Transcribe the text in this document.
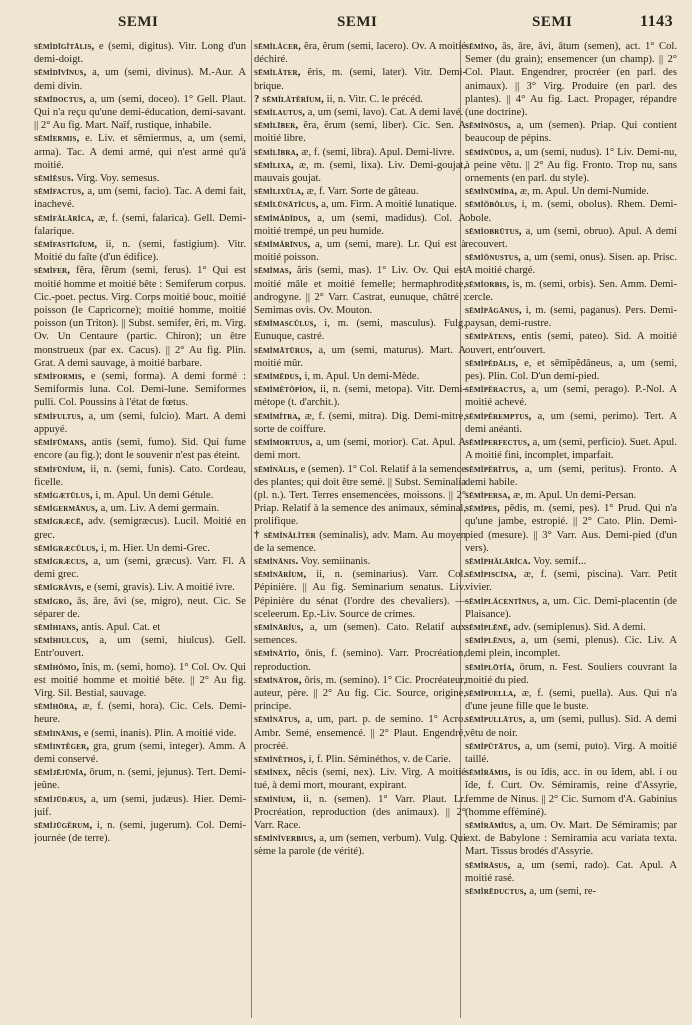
SEMI	SEMI	SEMI	1143

sēmĭdīgĭtālis, e (semi, digitus). Vitr. Long d'un demi-doigt.

sēmĭdīvīnus, a, um (semi, divinus). M.-Aur. A demi divin.

sēmĭdoctus, a, um (semi, doceo). 1° Gell. Plaut. Qui n'a reçu qu'une demi-éducation, demi-savant. || 2° Au fig. Mart. Naïf, rustique, inhabile.

sēmĭermis, e. Liv. et sēmiermus, a, um (semi, arma). Tac. A demi armé, qui n'est armé qu'à moitié.

sēmĭēsus. Virg. Voy. semesus.

sēmĭfactus, a, um (semi, facio). Tac. A demi fait, inachevé.

sēmĭfălārĭca, æ, f. (semi, falarica). Gell. Demi-falarique.

sēmĭfastīgĭum, ii, n. (semi, fastigium). Vitr. Moitié du faîte (d'un édifice).

sēmĭfer, fĕra, fĕrum (semi, ferus). 1° Qui est moitié homme et moitié bête : Semiferum corpus. Cic.-poet. pectus. Virg. Corps moitié bouc, moitié poisson (le Capricorne); moitié homme, moitié poisson (un Triton). || Subst. semifer, ĕri, m. Virg. Ov. Un Centaure (partic. Chiron); un être monstrueux (par ex. Cacus). || 2° Au fig. Plin. Grat. A demi sauvage, à moitié barbare.

sēmĭformis, e (semi, forma). A demi formé : Semiformis luna. Col. Demi-lune. Semiformes pulli. Col. Poussins à l'état de fœtus.

sēmĭfultus, a, um (semi, fulcio). Mart. A demi appuyé.

sēmĭfūmans, antis (semi, fumo). Sid. Qui fume encore (au fig.); dont le souvenir n'est pas éteint.

sēmĭfūnĭum, ii, n. (semi, funis). Cato. Cordeau, ficelle.

sēmĭgætūlus, i, m. Apul. Un demi Gétule.

sēmĭgermānus, a, um. Liv. A demi germain.

sēmĭgræcē, adv. (semigræcus). Lucil. Moitié en grec.

sēmĭgræcŭlus, i, m. Hier. Un demi-Grec.

sēmĭgræcus, a, um (semi, græcus). Varr. Fl. A demi grec.

sēmĭgrăvis, e (semi, gravis). Liv. A moitié ivre.

sēmĭgro, ās, āre, āvi (se, migro), neut. Cic. Se séparer de.

sēmĭhians, antis. Apul. Cat. et

sēmĭhiulcus, a, um (semi, hiulcus). Gell. Entr'ouvert.

sēmĭhŏmo, ĭnis, m. (semi, homo). 1° Col. Ov. Qui est moitié homme et moitié bête. || 2° Au fig. Virg. Sil. Bestial, sauvage.

sēmĭhōra, æ, f. (semi, hora). Cic. Cels. Demi-heure.

sēmĭinānis, e (semi, inanis). Plin. A moitié vide.

sēmĭintĕger, gra, grum (semi, integer). Amm. A demi conservé.

sēmĭjējūnĭa, ōrum, n. (semi, jejunus). Tert. Demi-jeûne.

sēmĭjūdæus, a, um (semi, judæus). Hier. Demi-juif.

sēmĭjūgĕrum, i, n. (semi, jugerum). Col. Demi-journée (de terre).

sēmĭlăcer, ĕra, ĕrum (semi, lacero). Ov. A moitié déchiré.

sēmĭlăter, ĕris, m. (semi, later). Vitr. Demi-brique.

? sēmĭlătĕrĭum, ii, n. Vitr. C. le précéd.

sēmĭlautus, a, um (semi, lavo). Cat. A demi lavé.

sēmĭlīber, ĕra, ĕrum (semi, liber). Cic. Sen. A moitié libre.

sēmĭlībra, æ, f. (semi, libra). Apul. Demi-livre.

sēmĭlixa, æ, m. (semi, lixa). Liv. Demi-goujat, mauvais goujat.

sēmĭlixŭla, æ, f. Varr. Sorte de gâteau.

sēmĭlūnātĭcus, a, um. Firm. A moitié lunatique.

sēmĭmădĭdus, a, um (semi, madidus). Col. A moitié trempé, un peu humide.

sēmĭmărīnus, a, um (semi, mare). Lr. Qui est à moitié poisson.

sēmĭmas, ăris (semi, mas). 1° Liv. Ov. Qui est moitié mâle et moitié femelle; hermaphrodite, androgyne. || 2° Varr. Castrat, eunuque, châtré : Semimas ovis. Ov. Mouton.

sēmĭmascŭlus, i, m. (semi, masculus). Fulg. Eunuque, castré.

sēmĭmātūrus, a, um (semi, maturus). Mart. A moitié mûr.

sēmĭmēdus, i, m. Apul. Un demi-Mède.

sēmĭmĕtŏpĭon, ii, n. (semi, metopa). Vitr. Demi-métope (t. d'archit.).

sēmĭmĭtra, æ, f. (semi, mitra). Dig. Demi-mitre, sorte de coiffure.

sēmĭmortuus, a, um (semi, morior). Cat. Apul. A demi mort.

sēmĭnălis, e (semen). 1° Col. Relatif à la semence des plantes; qui doit être semé. || Subst. Seminalia (pl. n.). Tert. Terres ensemencées, moissons. || 2° Priap. Relatif à la semence des animaux, séminal, prolifique.

† sēmĭnălĭter (seminalis), adv. Mam. Au moyen de la semence.

sēmĭnānis. Voy. semiinanis.

sēmĭnārĭum, ii, n. (seminarius). Varr. Col. Pépinière. || Au fig. Seminarium senatus. Liv. Pépinière du sénat (l'ordre des chevaliers). — sceleerum. Ep.-Liv. Source de crimes.

sēmĭnārĭus, a, um (semen). Cato. Relatif aux semences.

sēmĭnātĭo, ōnis, f. (semino). Varr. Procréation, reproduction.

sēmĭnātor, ōris, m. (semino). 1° Cic. Procréateur, auteur, père. || 2° Au fig. Cic. Source, origine, principe.

sēmĭnātus, a, um, part. p. de semino. 1° Acro. Ambr. Semé, ensemencé. || 2° Plaut. Engendré, procréé.

sēmĭnĕthos, i, f. Plin. Séminéthos, v. de Carie.

sēmĭnex, nĕcis (semi, nex). Liv. Virg. A moitié tué, à demi mort, mourant, expirant.

sēmĭnĭum, ii, n. (semen). 1° Varr. Plaut. Lr. Procréation, reproduction (des animaux). || 2° Varr. Race.

sēmĭnĭverbius, a, um (semen, verbum). Vulg. Qui sème la parole (de vérité).

sēmĭno, ās, āre, āvi, ātum (semen), act. 1° Col. Semer (du grain); ensemencer (un champ). || 2° Col. Plaut. Engendrer, procréer (en parl. des animaux). || 3° Virg. Produire (en parl. des plantes). || 4° Au fig. Lact. Propager, répandre (une doctrine).

sēmĭnōsus, a, um (semen). Priap. Qui contient beaucoup de pépins.

sēmĭnūdus, a, um (semi, nudus). 1° Liv. Demi-nu, à peine vêtu. || 2° Au fig. Fronto. Trop nu, sans ornements (en parl. du style).

sēmĭnūmĭda, æ, m. Apul. Un demi-Numide.

sēmĭŏbŏlus, i, m. (semi, obolus). Rhem. Demi-obole.

sēmĭobrūtus, a, um (semi, obruo). Apul. A demi recouvert.

sēmĭŏnustus, a, um (semi, onus). Sisen. ap. Prisc. A moitié chargé.

sēmĭorbis, is, m. (semi, orbis). Sen. Amm. Demi-cercle.

sēmĭpāgānus, i, m. (semi, paganus). Pers. Demi-paysan, demi-rustre.

sēmĭpătens, entis (semi, pateo). Sid. A moitié ouvert, entr'ouvert.

sēmĭpĕdālis, e, et sēmĭpĕdāneus, a, um (semi, pes). Plin. Col. D'un demi-pied.

sēmĭpĕractus, a, um (semi, perago). P.-Nol. A moitié achevé.

sēmĭpĕremptus, a, um (semi, perimo). Tert. A demi anéanti.

sēmĭperfectus, a, um (semi, perficio). Suet. Apul. A moitié fini, incomplet, imparfait.

sēmĭpĕrītus, a, um (semi, peritus). Fronto. A demi habile.

sēmĭpersa, æ, m. Apul. Un demi-Persan.

sēmĭpes, pĕdis, m. (semi, pes). 1° Prud. Qui n'a qu'une jambe, estropié. || 2° Cato. Plin. Demi-pied (mesure). || 3° Varr. Aus. Demi-pied (d'un vers).

sēmĭphălārĭca. Voy. semif...

sēmĭpiscīna, æ, f. (semi, piscina). Varr. Petit vivier.

sēmĭplăcentīnus, a, um. Cic. Demi-placentin (de Plaisance).

sēmĭplēnē, adv. (semiplenus). Sid. A demi.

sēmĭplēnus, a, um (semi, plenus). Cic. Liv. A demi plein, incomplet.

sēmĭplōtĭa, ōrum, n. Fest. Souliers couvrant la moitié du pied.

sēmĭpuella, æ, f. (semi, puella). Aus. Qui n'a d'une jeune fille que le buste.

sēmĭpullātus, a, um (semi, pullus). Sid. A demi vêtu de noir.

sēmĭpŭtātus, a, um (semi, puto). Virg. A moitié taillé.

sēmĭrāmis, is ou ĭdis, acc. in ou ĭdem, abl. i ou ĭde, f. Curt. Ov. Sémiramis, reine d'Assyrie, femme de Ninus. || 2° Cic. Surnom d'A. Gabinius (homme efféminé).

sēmĭrāmĭus, a, um. Ov. Mart. De Sémiramis; par ext. de Babylone : Semiramia acu variata texta. Mart. Tissus brodés d'Assyrie.

sēmĭrāsus, a, um (semi, rado). Cat. Apul. A moitié rasé.

sēmĭrēductus, a, um (semi, re-
